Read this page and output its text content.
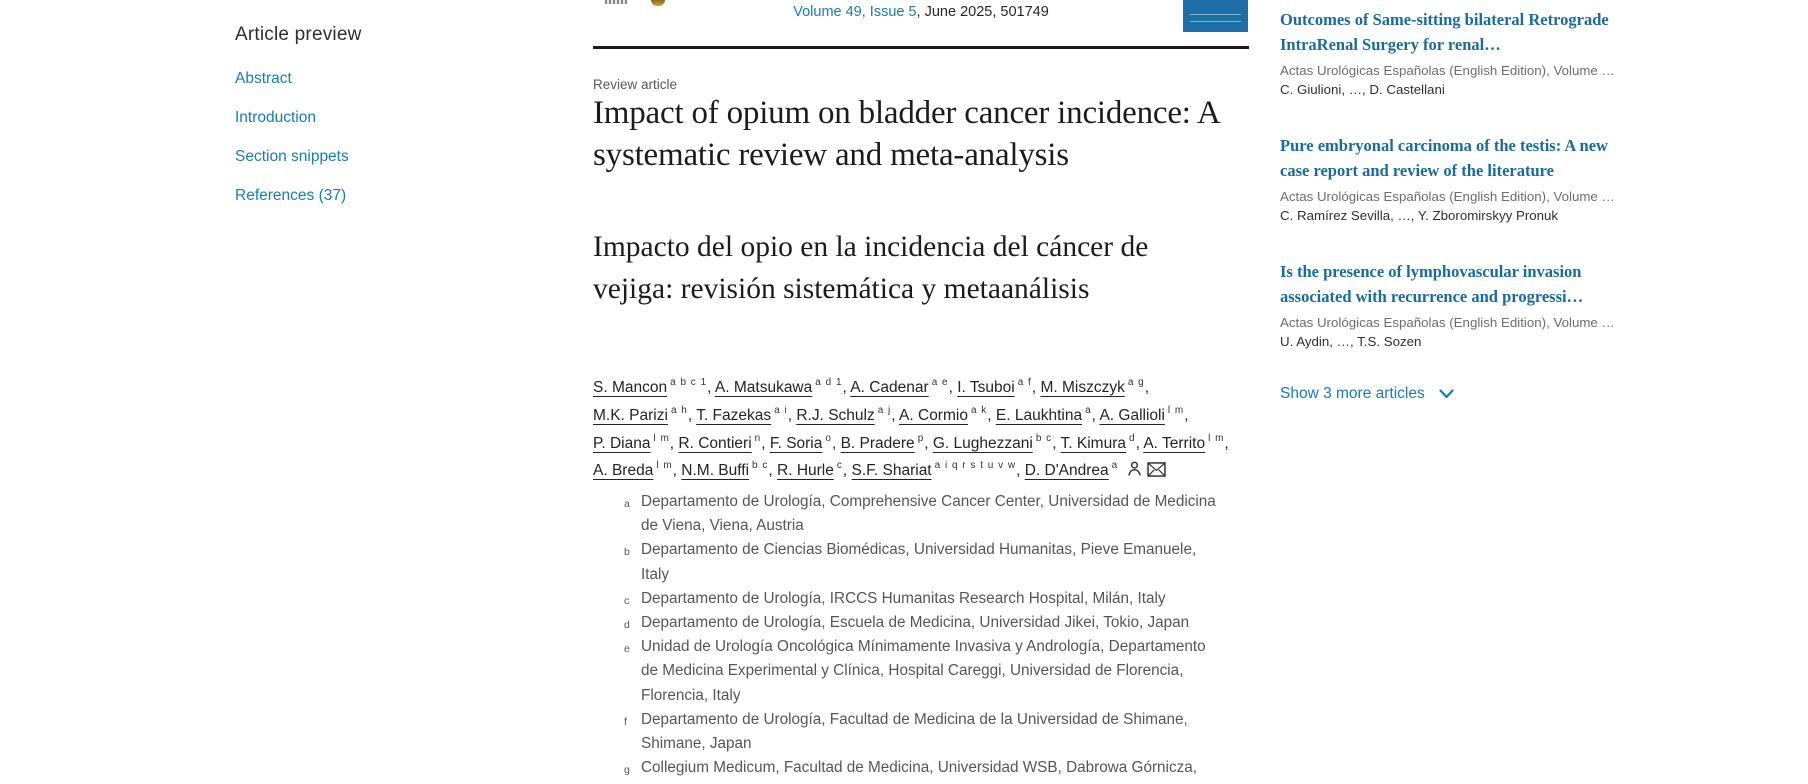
Article preview
Abstract
Introduction
Section snippets
References (37)
Volume 49, Issue 5, June 2025, 501749
Review article
Impact of opium on bladder cancer incidence: A systematic review and meta-analysis
Impacto del opio en la incidencia del cáncer de vejiga: revisión sistemática y metaanálisis

S. Mancon $^{a b c 1}$, A. Matsukawa $^{a d 1}$, A. Cadenar $^{a e}$, I. Tsuboi $^{a f}$, M. Miszczyk $^{a g}$, M.K. Parizi $^{a h}$, T. Fazekas $^{a i}$, R.J. Schulz $^{a j}$, A. Cormio $^{a k}$, E. Laukhtina $^a$, A. Gallioli $^{l m}$, P. Diana $^{l m}$, R. Contieri $^n$, F. Soria $^o$, B. Pradere $^p$, G. Lughezzani $^{b c}$, T. Kimura $^d$, A. Territo $^{l m}$, A. Breda $^{l m}$, N.M. Buffi $^{b c}$, R. Hurle $^c$, S.F. Shariat $^{a i q r s t u v w}$, D. D'Andrea $^a$

$^a$ Departamento de Urología, Comprehensive Cancer Center, Universidad de Medicina de Viena, Viena, Austria
$^b$ Departamento de Ciencias Biomédicas, Universidad Humanitas, Pieve Emanuele, Italy
$^c$ Departamento de Urología, IRCCS Humanitas Research Hospital, Milán, Italy
$^d$ Departamento de Urología, Escuela de Medicina, Universidad Jikei, Tokio, Japan
$^e$ Unidad de Urología Oncológica Mínimamente Invasiva y Andrología, Departamento de Medicina Experimental y Clínica, Hospital Careggi, Universidad de Florencia, Florencia, Italy
$^f$ Departamento de Urología, Facultad de Medicina de la Universidad de Shimane, Shimane, Japan
$^g$ Collegium Medicum, Facultad de Medicina, Universidad WSB, Dabrowa Górnicza,
Outcomes of Same-sitting bilateral Retrograde IntraRenal Surgery for renal…
Actas Urológicas Españolas (English Edition), Volume …
C. Giulioni, …, D. Castellani
Pure embryonal carcinoma of the testis: A new case report and review of the literature
Actas Urológicas Españolas (English Edition), Volume …
C. Ramírez Sevilla, …, Y. Zboromirskyy Pronuk
Is the presence of lymphovascular invasion associated with recurrence and progressi…
Actas Urológicas Españolas (English Edition), Volume …
U. Aydin, …, T.S. Sozen
Show 3 more articles
